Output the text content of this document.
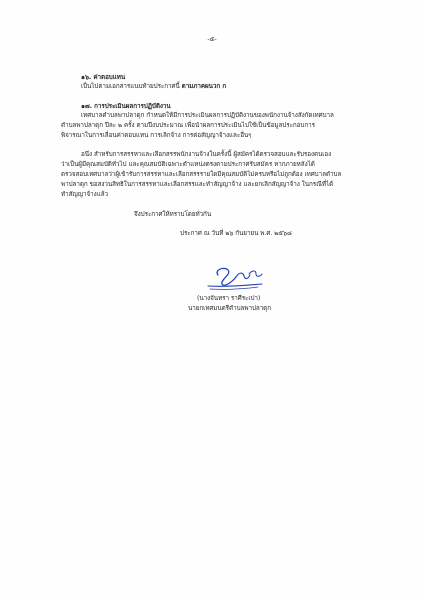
-๕-
๑๖. ค่าตอบแทน
เป็นไปตามเอกสารแนบท้ายประกาศนี้ ตามภาคผนวก ก
๑๗. การประเมินผลการปฏิบัติงาน
เทศบาลตำบลพาปลาดุก กำหนดให้มีการประเมินผลการปฏิบัติงานของพนักงานจ้างสังกัดเทศบาล
ตำบลพาปลาดุก ปีละ ๒ ครั้ง ตามปีงบประมาณ เพื่อนำผลการประเมินไปใช้เป็นข้อมูลประกอบการ
พิจารณาในการเลื่อนค่าตอบแทน การเลิกจ้าง การต่อสัญญาจ้างและอื่นๆ
อนึ่ง สำหรับการสรรหาและเลือกสรรพนักงานจ้างในครั้งนี้ ผู้สมัครได้ตรวจสอบและรับรองตนเอง
ว่าเป็นผู้มีคุณสมบัติทั่วไป และคุณสมบัติเฉพาะตำแหน่งตรงตามประกาศรับสมัคร หากภายหลังได้
ตรวจสอบเทศบาลว่าผู้เข้ารับการสรรหาและเลือกสรรรายใดมีคุณสมบัติไม่ครบหรือไม่ถูกต้อง เทศบาลตำบล
พาปลาดุก ขอสงวนสิทธิในการสรรหาและเลือกสรรและทำสัญญาจ้าง และยกเลิกสัญญาจ้าง ในกรณีที่ได้
ทำสัญญาจ้างแล้ว
จึงประกาศให้ทราบโดยทั่วกัน
ประกาศ ณ วันที่ ๒๖ กันยายน พ.ศ. ๒๕๖๘
(นางจันทรา ราศีระเปา)
นายกเทศมนตรีตำบลพาปลาดุก
